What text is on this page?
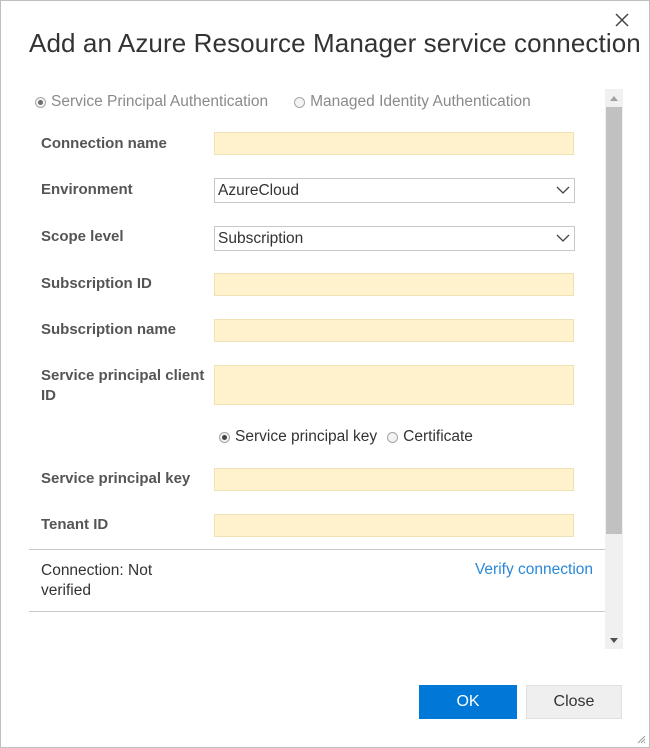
Add an Azure Resource Manager service connection
Service Principal Authentication	Managed Identity Authentication
Connection name
Environment	AzureCloud
Scope level	Subscription
Subscription ID
Subscription name
Service principal client ID
Service principal key Certificate
Service principal key
Tenant ID
Connection: Not verified
Verify connection
OK	Close
